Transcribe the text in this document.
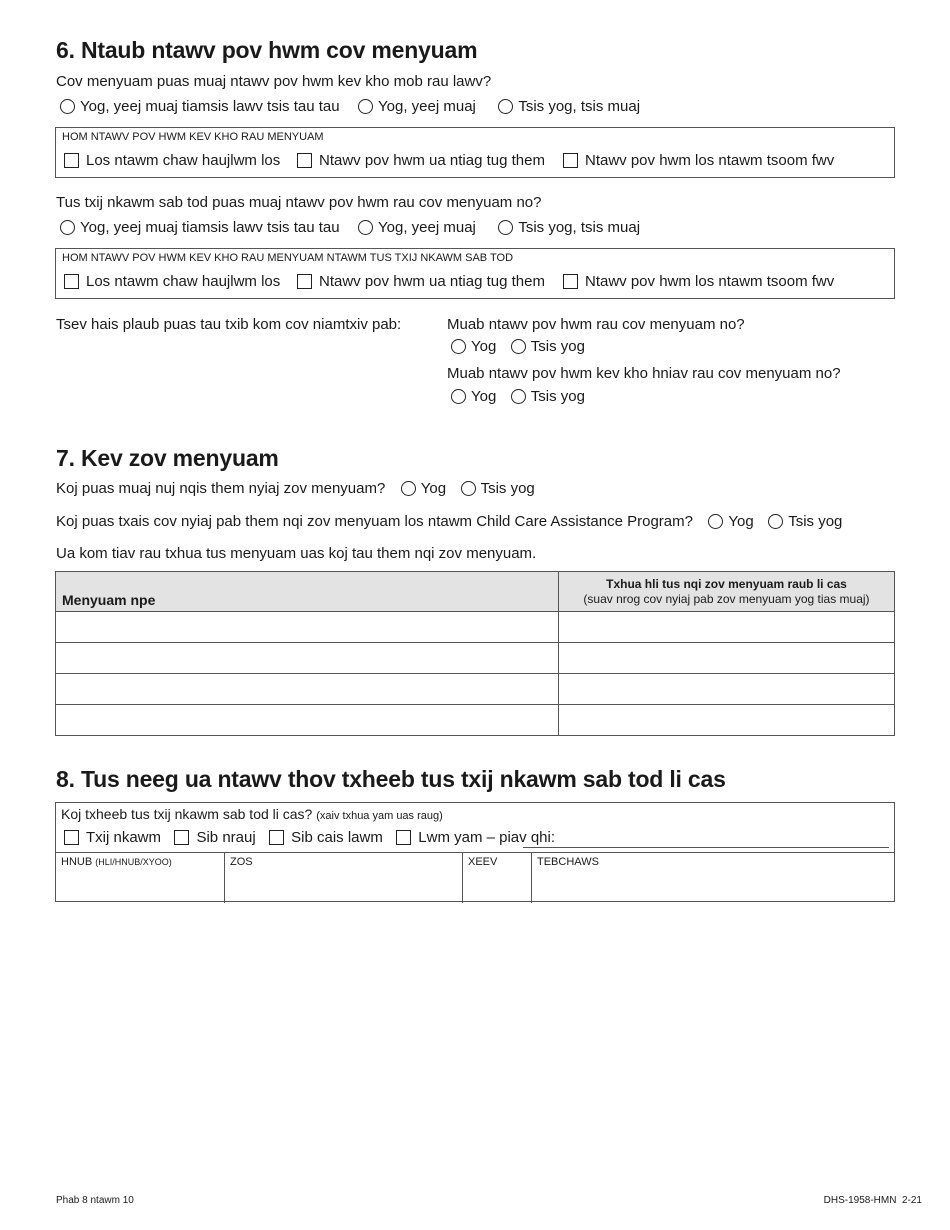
6. Ntaub ntawv pov hwm cov menyuam
Cov menyuam puas muaj ntawv pov hwm kev kho mob rau lawv?
Yog, yeej muaj tiamsis lawv tsis tau tau	Yog, yeej muaj	Tsis yog, tsis muaj
HOM NTAWV POV HWM KEV KHO RAU MENYUAM
Los ntawm chaw haujlwm los	Ntawv pov hwm ua ntiag tug them	Ntawv pov hwm los ntawm tsoom fwv
Tus txij nkawm sab tod puas muaj ntawv pov hwm rau cov menyuam no?
Yog, yeej muaj tiamsis lawv tsis tau tau	Yog, yeej muaj	Tsis yog, tsis muaj
HOM NTAWV POV HWM KEV KHO RAU MENYUAM NTAWM TUS TXIJ NKAWM SAB TOD
Los ntawm chaw haujlwm los	Ntawv pov hwm ua ntiag tug them	Ntawv pov hwm los ntawm tsoom fwv
Tsev hais plaub puas tau txib kom cov niamtxiv pab:	Muab ntawv pov hwm rau cov menyuam no?
Yog Tsis yog
Muab ntawv pov hwm kev kho hniav rau cov menyuam no?
Yog Tsis yog
7. Kev zov menyuam
Koj puas muaj nuj nqis them nyiaj zov menyuam? Yog Tsis yog
Koj puas txais cov nyiaj pab them nqi zov menyuam los ntawm Child Care Assistance Program? Yog Tsis yog
Ua kom tiav rau txhua tus menyuam uas koj tau them nqi zov menyuam.
Menyuam npe	Txhua hli tus nqi zov menyuam raub li cas
(suav nrog cov nyiaj pab zov menyuam yog tias muaj)

8. Tus neeg ua ntawv thov txheeb tus txij nkawm sab tod li cas
Koj txheeb tus txij nkawm sab tod li cas? (xaiv txhua yam uas raug)
Txij nkawm Sib nrauj Sib cais lawm Lwm yam – piav qhi:
HNUB (HLI/HNUB/XYOO)	ZOS	XEEV	TEBCHAWS
Phab 8 ntawm 10	DHS-1958-HMN  2-21
